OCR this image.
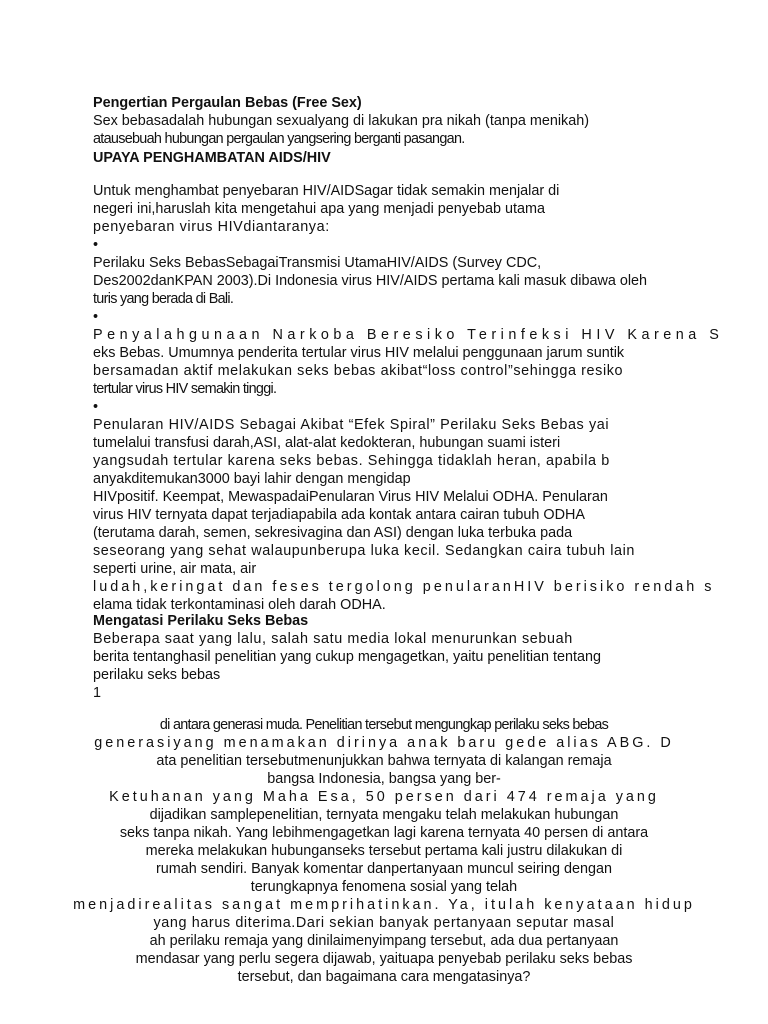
Pengertian Pergaulan Bebas (Free Sex)
Sex bebasadalah hubungan sexualyang di lakukan pra nikah (tanpa menikah)
atausebuah hubungan pergaulan yangsering berganti pasangan.
UPAYA PENGHAMBATAN AIDS/HIV
Untuk menghambat penyebaran HIV/AIDSagar tidak semakin menjalar di
negeri ini,haruslah kita mengetahui apa yang menjadi penyebab utama
penyebaran virus HIVdiantaranya:
•
Perilaku Seks BebasSebagaiTransmisi UtamaHIV/AIDS (Survey CDC,
Des2002danKPAN 2003).Di Indonesia virus HIV/AIDS pertama kali masuk dibawa oleh
turis yang berada di Bali.
•
Penyalahgunaan Narkoba Beresiko Terinfeksi HIV Karena S
eks Bebas. Umumnya penderita tertular virus HIV melalui penggunaan jarum suntik
bersamadan aktif melakukan seks bebas akibat“loss control”sehingga resiko
tertular virus HIV semakin tinggi.
•
Penularan HIV/AIDS Sebagai Akibat “Efek Spiral” Perilaku Seks Bebas yai
tumelalui transfusi darah,ASI, alat-alat kedokteran, hubungan suami isteri
yangsudah tertular karena seks bebas. Sehingga tidaklah heran, apabila b
anyakditemukan3000 bayi lahir dengan mengidap
HIVpositif. Keempat, MewaspadaiPenularan Virus HIV Melalui ODHA. Penularan
virus HIV ternyata dapat terjadiapabila ada kontak antara cairan tubuh ODHA
(terutama darah, semen, sekresivagina dan ASI) dengan luka terbuka pada
seseorang yang sehat walaupunberupa luka kecil. Sedangkan caira tubuh lain
seperti urine, air mata, air
ludah,keringat dan feses tergolong penularanHIV berisiko rendah s
elama tidak terkontaminasi oleh darah ODHA.
Mengatasi Perilaku Seks Bebas
Beberapa saat yang lalu, salah satu media lokal menurunkan sebuah
berita tentanghasil penelitian yang cukup mengagetkan, yaitu penelitian tentang
perilaku seks bebas
1
di antara generasi muda. Penelitian tersebut mengungkap perilaku seks bebas
generasiyang menamakan dirinya anak baru gede alias ABG. D
ata penelitian tersebutmenunjukkan bahwa ternyata di kalangan remaja
bangsa Indonesia, bangsa yang ber-
Ketuhanan yang Maha Esa, 50 persen dari 474 remaja yang
dijadikan samplepenelitian, ternyata mengaku telah melakukan hubungan
seks tanpa nikah. Yang lebihmengagetkan lagi karena ternyata 40 persen di antara
mereka melakukan hubunganseks tersebut pertama kali justru dilakukan di
rumah sendiri. Banyak komentar danpertanyaan muncul seiring dengan
terungkapnya fenomena sosial yang telah
menjadirealitas sangat memprihatinkan. Ya, itulah kenyataan hidup
yang harus diterima.Dari sekian banyak pertanyaan seputar masal
ah perilaku remaja yang dinilaimenyimpang tersebut, ada dua pertanyaan
mendasar yang perlu segera dijawab, yaituapa penyebab perilaku seks bebas
tersebut, dan bagaimana cara mengatasinya?
